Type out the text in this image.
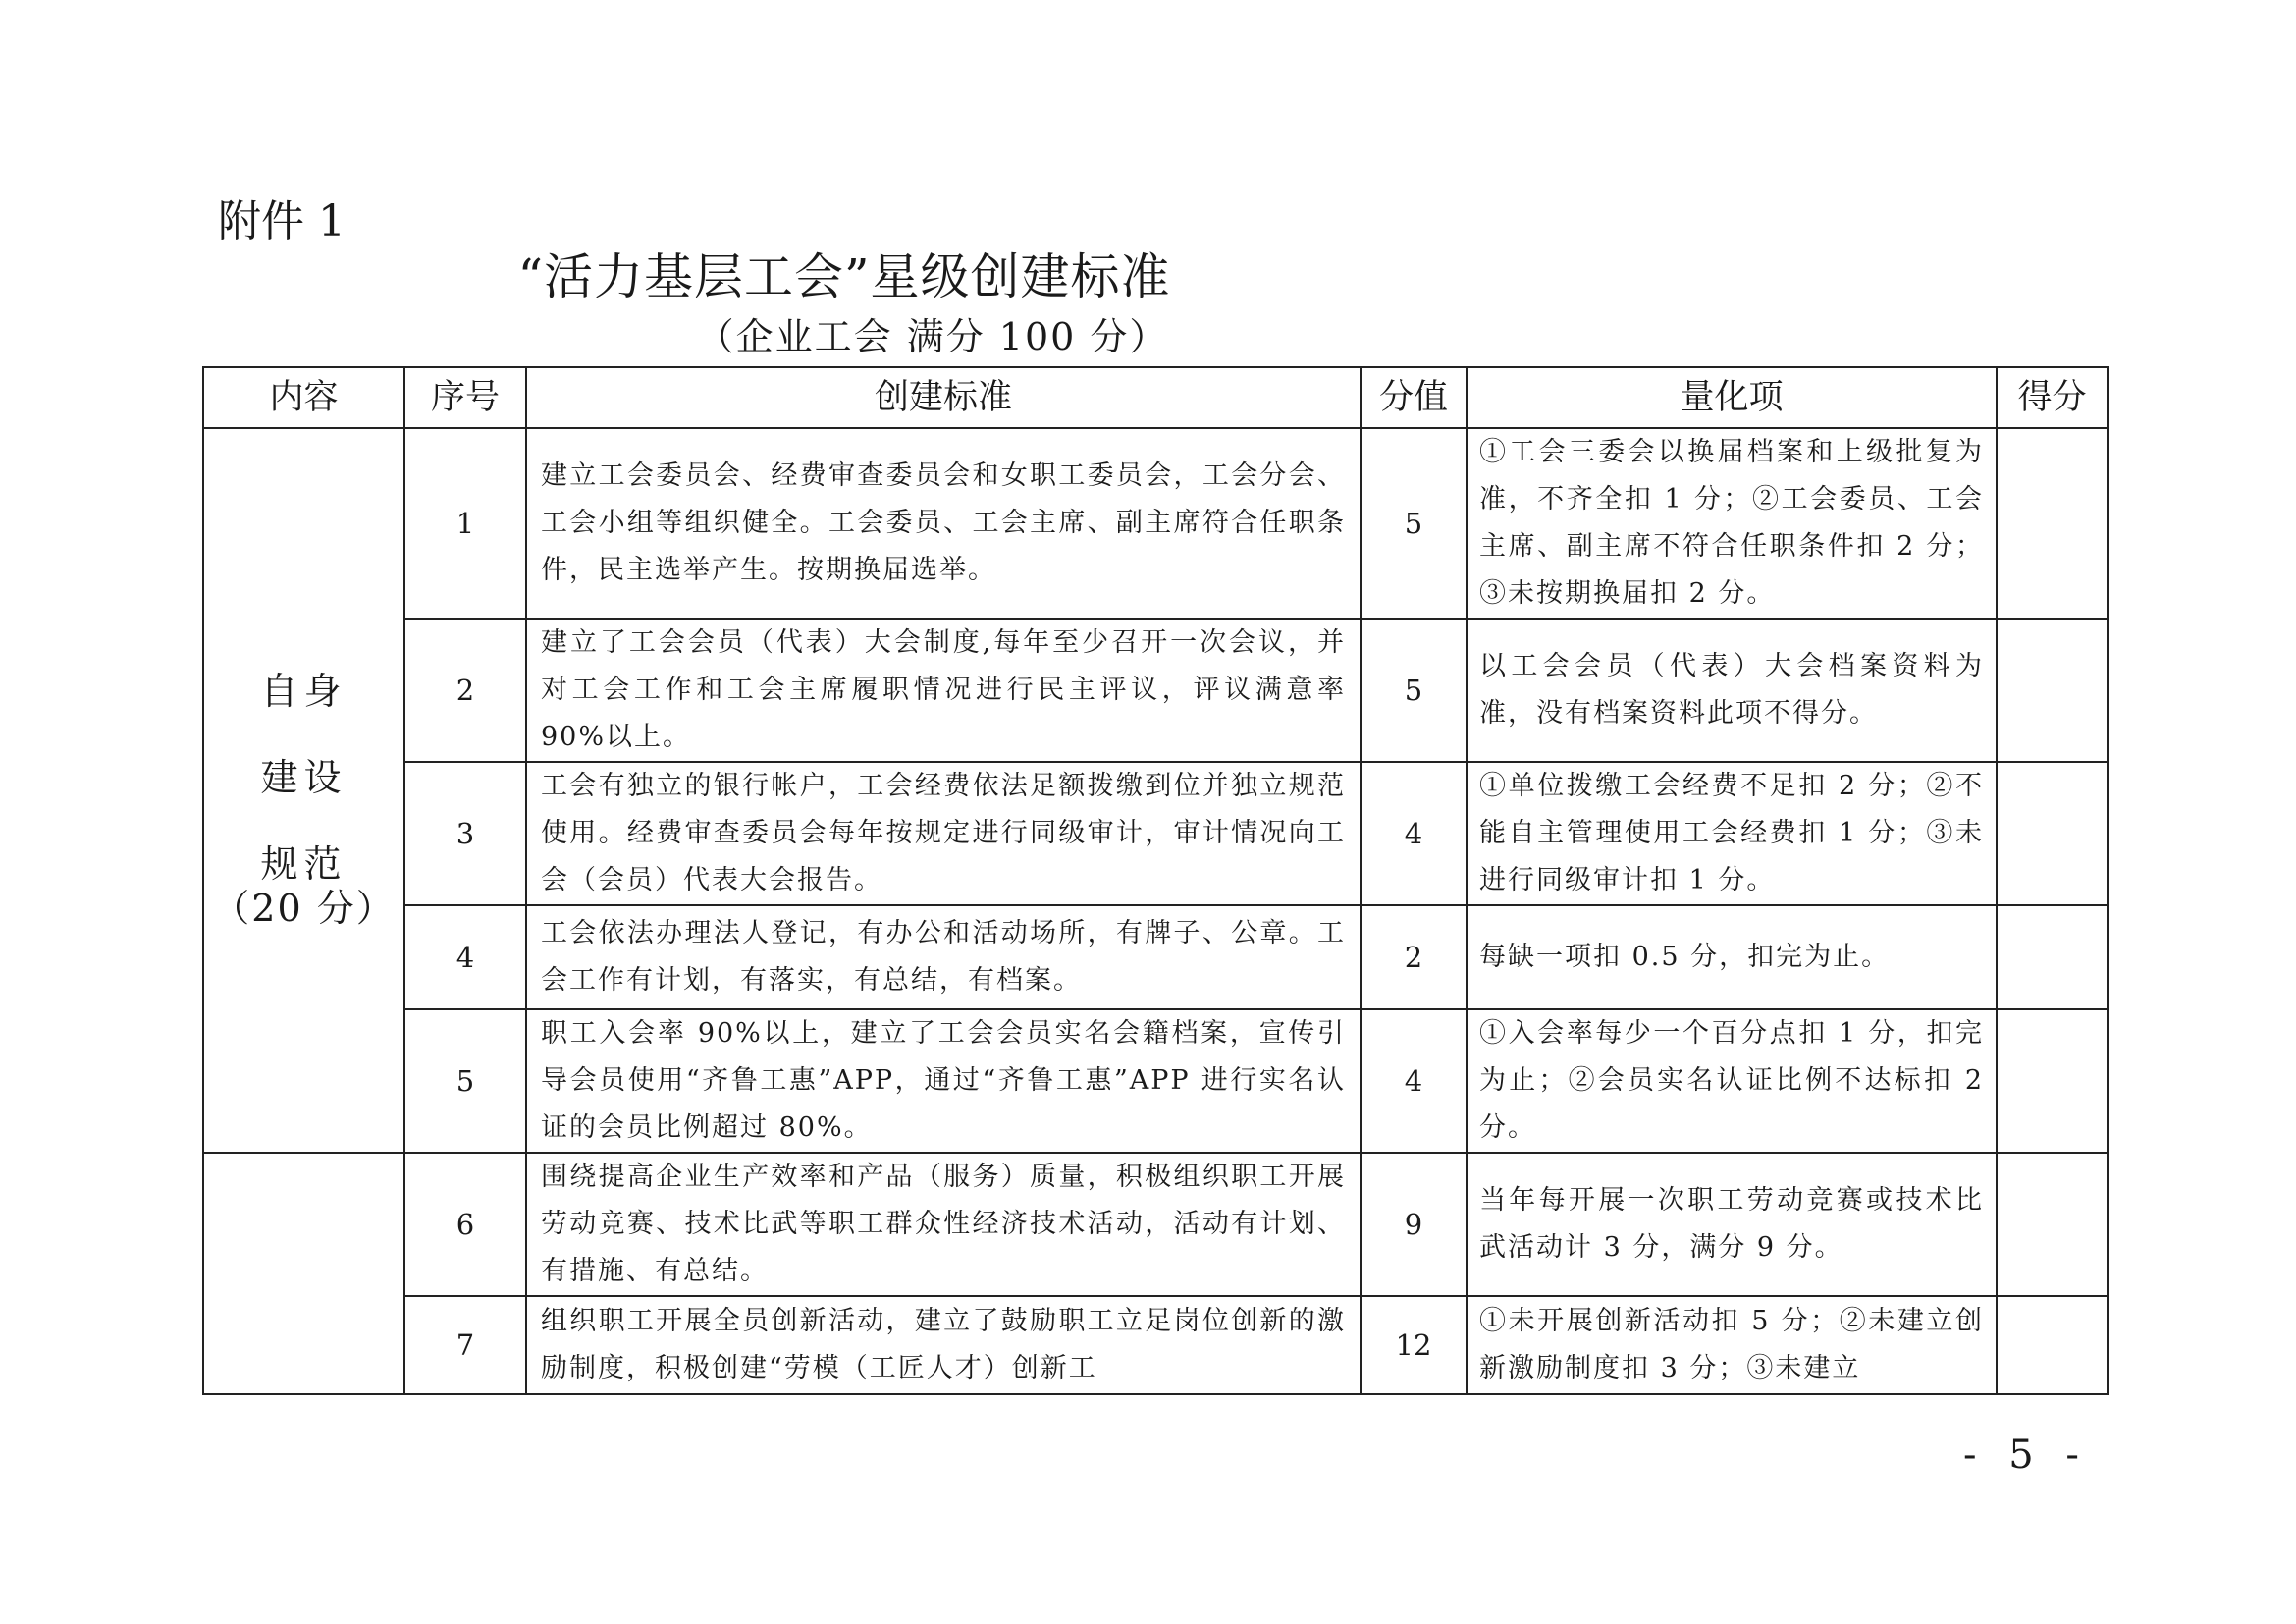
附件 1
“活力基层工会”星级创建标准
（企业工会 满分 100 分）
内容	序号	创建标准	分值	量化项	得分

自身
建设
规范
（20 分）	1	建立工会委员会、经费审查委员会和女职工委员会，工会分会、工会小组等组织健全。工会委员、工会主席、副主席符合任职条件，民主选举产生。按期换届选举。	5	①工会三委会以换届档案和上级批复为准，不齐全扣 1 分；②工会委员、工会主席、副主席不符合任职条件扣 2 分；③未按期换届扣 2 分。	
	2	建立了工会会员（代表）大会制度,每年至少召开一次会议，并对工会工作和工会主席履职情况进行民主评议，评议满意率 90%以上。	5	以工会会员（代表）大会档案资料为准，没有档案资料此项不得分。	
	3	工会有独立的银行帐户，工会经费依法足额拨缴到位并独立规范使用。经费审查委员会每年按规定进行同级审计，审计情况向工会（会员）代表大会报告。	4	①单位拨缴工会经费不足扣 2 分；②不能自主管理使用工会经费扣 1 分；③未进行同级审计扣 1 分。	
	4	工会依法办理法人登记，有办公和活动场所，有牌子、公章。工会工作有计划，有落实，有总结，有档案。	2	每缺一项扣 0.5 分，扣完为止。	
	5	职工入会率 90%以上，建立了工会会员实名会籍档案，宣传引导会员使用“齐鲁工惠”APP，通过“齐鲁工惠”APP 进行实名认证的会员比例超过 80%。	4	①入会率每少一个百分点扣 1 分，扣完为止；②会员实名认证比例不达标扣 2 分。	
	6	围绕提高企业生产效率和产品（服务）质量，积极组织职工开展劳动竞赛、技术比武等职工群众性经济技术活动，活动有计划、有措施、有总结。	9	当年每开展一次职工劳动竞赛或技术比武活动计 3 分，满分 9 分。	
	7	组织职工开展全员创新活动，建立了鼓励职工立足岗位创新的激励制度，积极创建“劳模（工匠人才）创新工	12	①未开展创新活动扣 5 分；②未建立创新激励制度扣 3 分；③未建立	
- 5 -
